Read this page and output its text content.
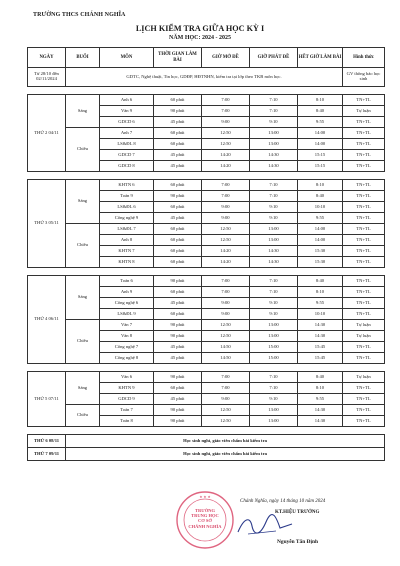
TRƯỜNG THCS CHÁNH NGHĨA
LỊCH KIỂM TRA GIỮA HỌC KỲ I
NĂM HỌC: 2024 - 2025
NGÀY	BUỔI	MÔN	THỜI GIAN LÀM BÀI	GIỜ MỞ ĐỀ	GIỜ PHÁT ĐỀ	HẾT GIỜ LÀM BÀI	Hình thức
Từ 28/10 đến 02/11/2024	GDTC, Nghệ thuật, Tin học, GDĐP, HĐTNHN, kiểm tra tại lớp theo TKB môn học.						GV thông báo học sinh

THỨ 2 04/11	Sáng	Anh 6	60 phút	7:00	7:10	8:10	TN+TL
		Văn 9	90 phút	7:00	7:10	8:40	Tự luận
		GDCD 6	45 phút	9:00	9:10	9:55	TN+TL
	Chiều	Anh 7	60 phút	12:50	13:00	14:00	TN+TL
		LS&ĐL 8	60 phút	12:50	13:00	14:00	TN+TL
		GDCD 7	45 phút	14:20	14:30	15:15	TN+TL
		GDCD 8	45 phút	14:20	14:30	15:15	TN+TL

THỨ 3 05/11	Sáng	KHTN 6	60 phút	7:00	7:10	8:10	TN+TL
		Toán 9	90 phút	7:00	7:10	8:40	TN+TL
		LS&ĐL 6	60 phút	9:00	9:10	10:10	TN+TL
		Công nghệ 9	45 phút	9:00	9:10	9:55	TN+TL
	Chiều	LS&ĐL 7	60 phút	12:50	13:00	14:00	TN+TL
		Anh 8	60 phút	12:50	13:00	14:00	TN+TL
		KHTN 7	60 phút	14:20	14:30	15:30	TN+TL
		KHTN 8	60 phút	14:20	14:30	15:30	TN+TL

THỨ 4 06/11	Sáng	Toán 6	90 phút	7:00	7:10	8:40	TN+TL
		Anh 9	60 phút	7:00	7:10	8:10	TN+TL
		Công nghệ 6	45 phút	9:00	9:10	9:55	TN+TL
		LS&ĐL 9	60 phút	9:00	9:10	10:10	TN+TL
	Chiều	Văn 7	90 phút	12:50	13:00	14:30	Tự luận
		Văn 8	90 phút	12:50	13:00	14:30	Tự luận
		Công nghệ 7	45 phút	14:50	15:00	15:45	TN+TL
		Công nghệ 8	45 phút	14:50	15:00	15:45	TN+TL

THỨ 5 07/11	Sáng	Văn 6	90 phút	7:00	7:10	8:40	Tự luận
		KHTN 9	60 phút	7:00	7:10	8:10	TN+TL
		GDCD 9	45 phút	9:00	9:10	9:55	TN+TL
	Chiều	Toán 7	90 phút	12:50	13:00	14:30	TN+TL
		Toán 8	90 phút	12:50	13:00	14:30	TN+TL

THỨ 6 08/11	Học sinh nghỉ, giáo viên chấm bài kiểm tra						
THỨ 7 09/11	Học sinh nghỉ, giáo viên chấm bài kiểm tra						
★ ★ ★
TRƯỜNG
TRUNG HỌC
CƠ SỞ
CHÁNH NGHĨA
Chánh Nghĩa, ngày 14 tháng 10 năm 2024
KT.HIỆU TRƯỞNG
Nguyễn Tấn Định
